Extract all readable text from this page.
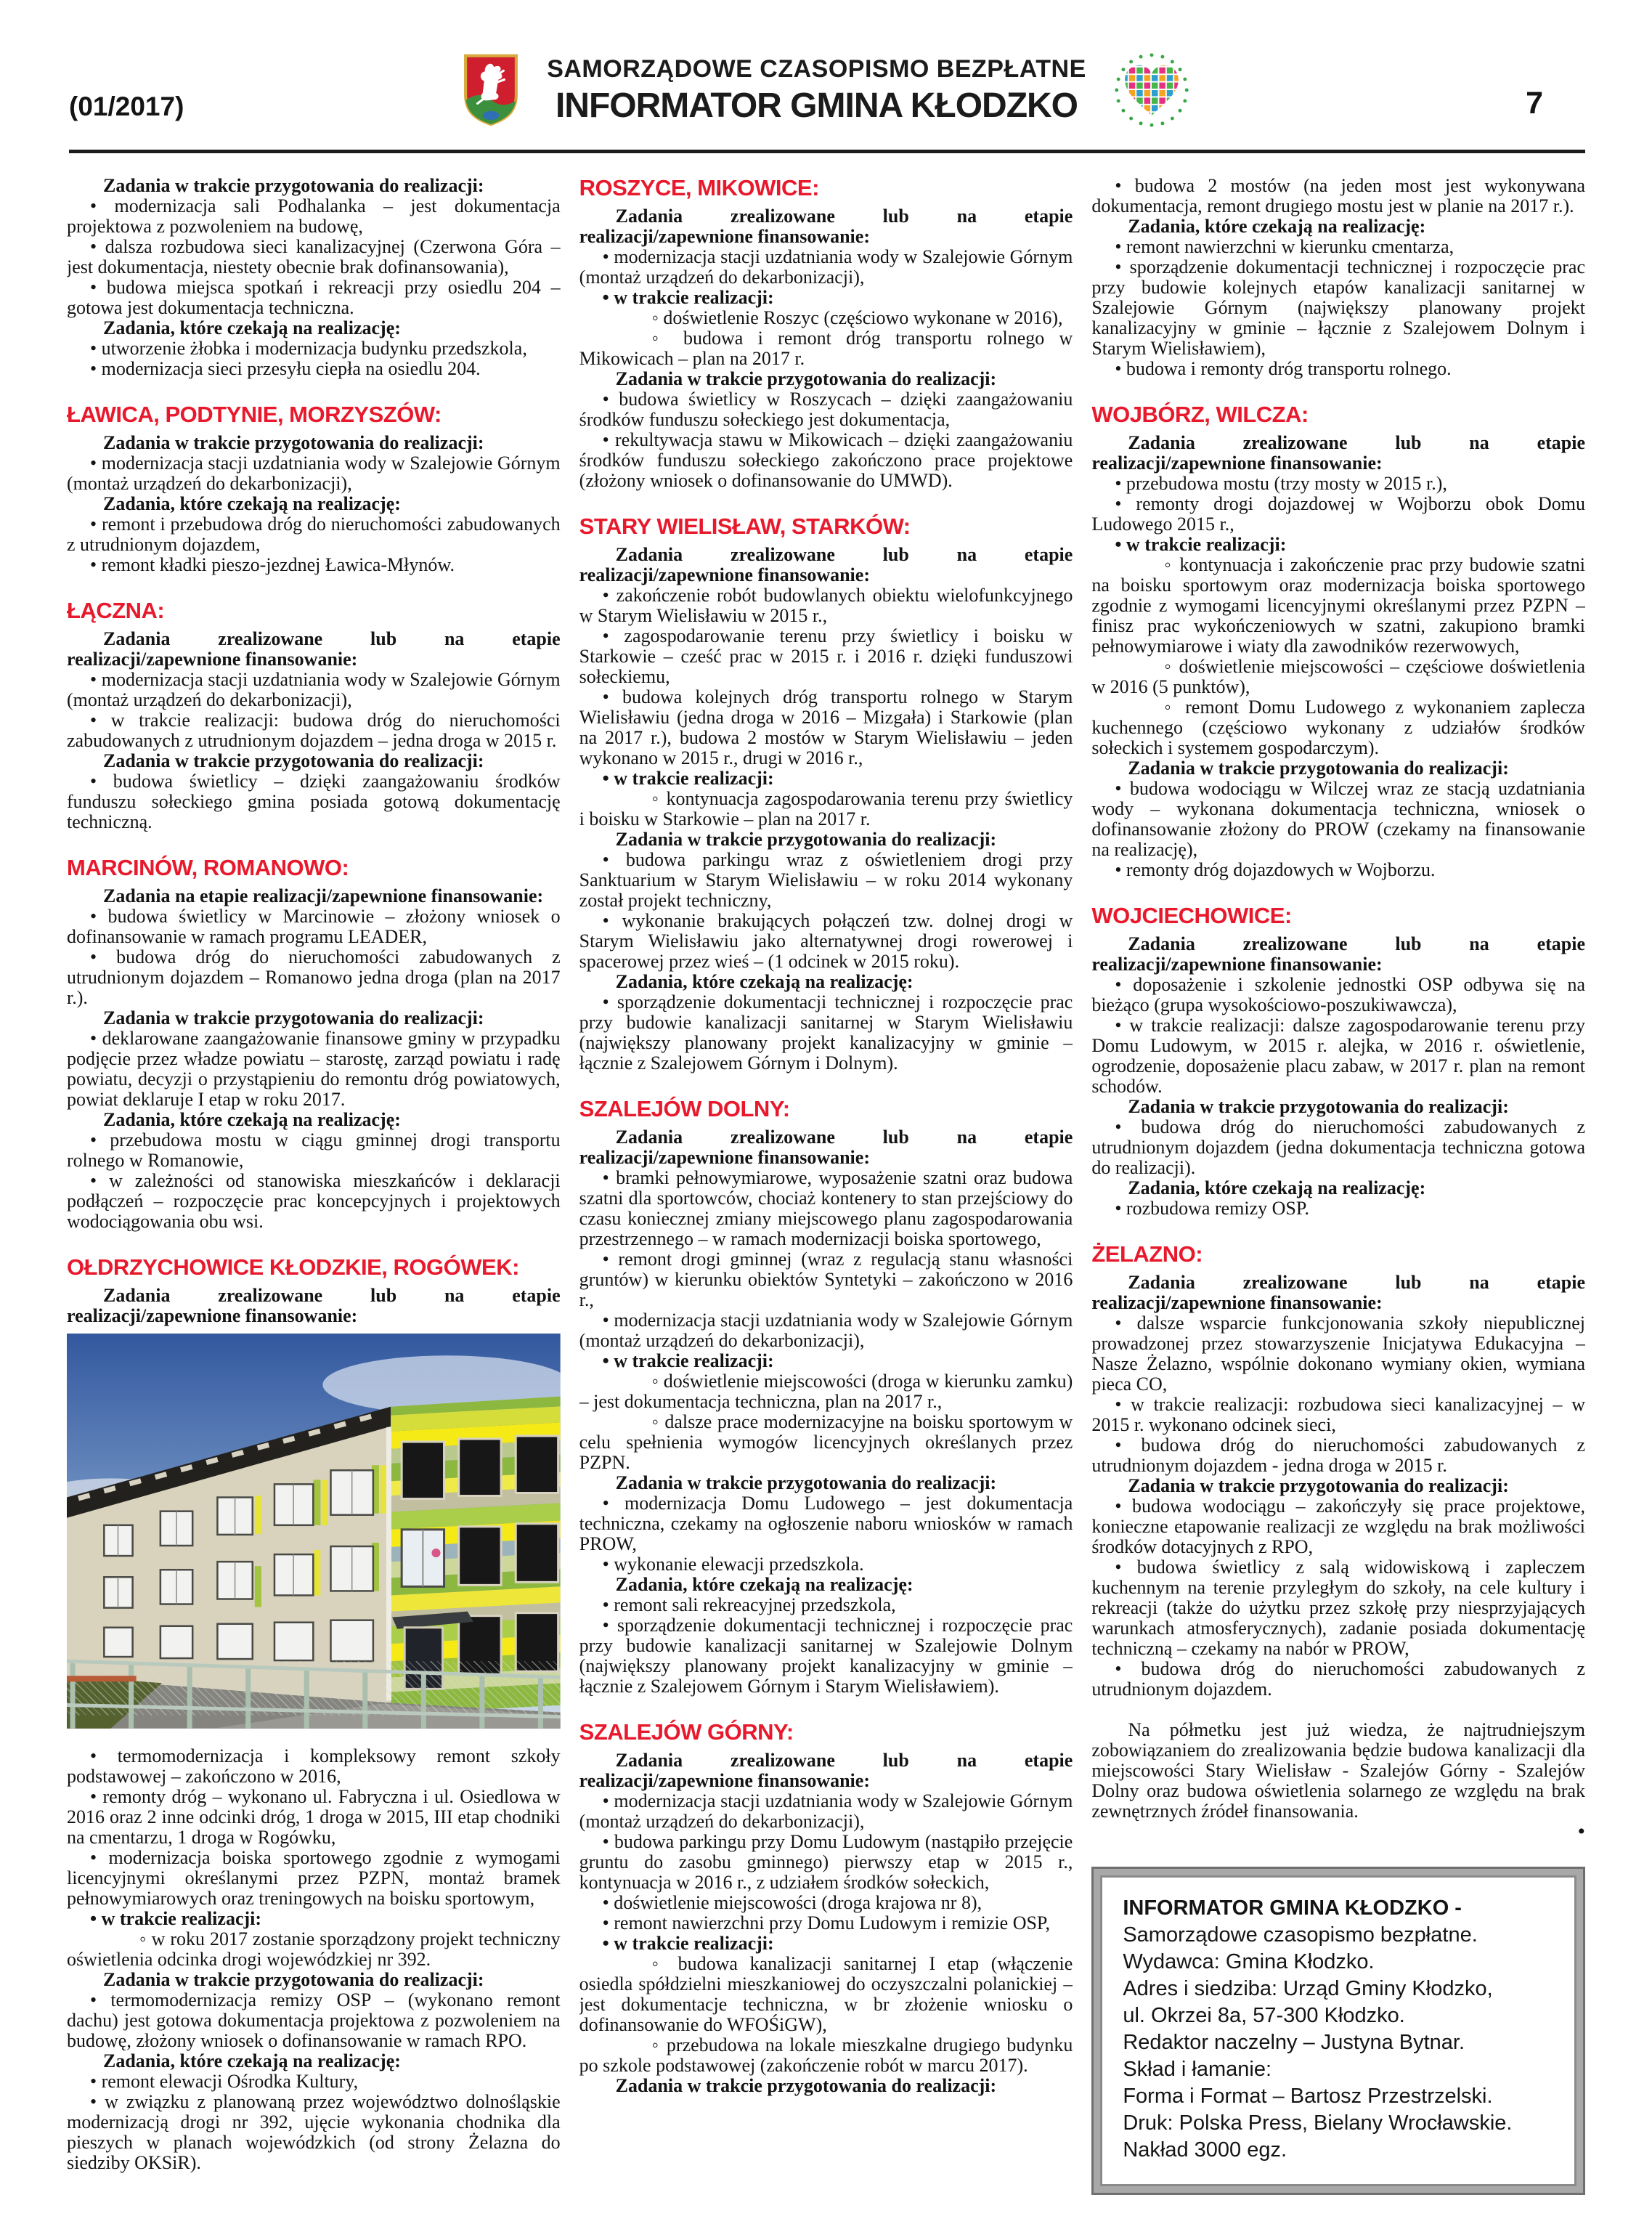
(01/2017)	7
SAMORZĄDOWE CZASOPISMO BEZPŁATNE
INFORMATOR GMINA KŁODZKO

Zadania w trakcie przygotowania do realizacji:

• modernizacja sali Podhalanka – jest dokumentacja projektowa z pozwoleniem na budowę,

• dalsza rozbudowa sieci kanalizacyjnej (Czerwona Góra – jest dokumentacja, niestety obecnie brak dofinansowania),

• budowa miejsca spotkań i rekreacji przy osiedlu 204 – gotowa jest dokumentacja techniczna.

Zadania, które czekają na realizację:

• utworzenie żłobka i modernizacja budynku przedszkola,

• modernizacja sieci przesyłu ciepła na osiedlu 204.

ŁAWICA, PODTYNIE, MORZYSZÓW:

Zadania w trakcie przygotowania do realizacji:

• modernizacja stacji uzdatniania wody w Szalejowie Górnym (montaż urządzeń do dekarbonizacji),

Zadania, które czekają na realizację:

• remont i przebudowa dróg do nieruchomości zabudowanych z utrudnionym dojazdem,

• remont kładki pieszo-jezdnej Ławica-Młynów.

ŁĄCZNA:

Zadania zrealizowane lub na etapie realizacji/zapewnione finansowanie:

• modernizacja stacji uzdatniania wody w Szalejowie Górnym (montaż urządzeń do dekarbonizacji),

• w trakcie realizacji: budowa dróg do nieruchomości zabudowanych z utrudnionym dojazdem – jedna droga w 2015 r.

Zadania w trakcie przygotowania do realizacji:

• budowa świetlicy – dzięki zaangażowaniu środków funduszu sołeckiego gmina posiada gotową dokumentację techniczną.

MARCINÓW, ROMANOWO:

Zadania na etapie realizacji/zapewnione finansowanie:

• budowa świetlicy w Marcinowie – złożony wniosek o dofinansowanie w ramach programu LEADER,

• budowa dróg do nieruchomości zabudowanych z utrudnionym dojazdem – Romanowo jedna droga (plan na 2017 r.).

Zadania w trakcie przygotowania do realizacji:

• deklarowane zaangażowanie finansowe gminy w przypadku podjęcie przez władze powiatu – starostę, zarząd powiatu i radę powiatu, decyzji o przystąpieniu do remontu dróg powiatowych, powiat deklaruje I etap w roku 2017.

Zadania, które czekają na realizację:

• przebudowa mostu w ciągu gminnej drogi transportu rolnego w Romanowie,

• w zależności od stanowiska mieszkańców i deklaracji podłączeń – rozpoczęcie prac koncepcyjnych i projektowych wodociągowania obu wsi.

OŁDRZYCHOWICE KŁODZKIE, ROGÓWEK:

Zadania zrealizowane lub na etapie realizacji/zapewnione finansowanie:

• termomodernizacja i kompleksowy remont szkoły podstawowej – zakończono w 2016,

• remonty dróg – wykonano ul. Fabryczna i ul. Osiedlowa w 2016 oraz 2 inne odcinki dróg, 1 droga w 2015, III etap chodniki na cmentarzu, 1 droga w Rogówku,

• modernizacja boiska sportowego zgodnie z wymogami licencyjnymi określanymi przez PZPN, montaż bramek pełnowymiarowych oraz treningowych na boisku sportowym,

• w trakcie realizacji:

◦ w roku 2017 zostanie sporządzony projekt techniczny oświetlenia odcinka drogi wojewódzkiej nr 392.

Zadania w trakcie przygotowania do realizacji:

• termomodernizacja remizy OSP – (wykonano remont dachu) jest gotowa dokumentacja projektowa z pozwoleniem na budowę, złożony wniosek o dofinansowanie w ramach RPO.

Zadania, które czekają na realizację:

• remont elewacji Ośrodka Kultury,

• w związku z planowaną przez województwo dolnośląskie modernizacją drogi nr 392, ujęcie wykonania chodnika dla pieszych w planach wojewódzkich (od strony Żelazna do siedziby OKSiR).

ROSZYCE, MIKOWICE:

Zadania zrealizowane lub na etapie realizacji/zapewnione finansowanie:

• modernizacja stacji uzdatniania wody w Szalejowie Górnym (montaż urządzeń do dekarbonizacji),

• w trakcie realizacji:

◦ doświetlenie Roszyc (częściowo wykonane w 2016),

◦ budowa i remont dróg transportu rolnego w Mikowicach – plan na 2017 r.

Zadania w trakcie przygotowania do realizacji:

• budowa świetlicy w Roszycach – dzięki zaangażowaniu środków funduszu sołeckiego jest dokumentacja,

• rekultywacja stawu w Mikowicach – dzięki zaangażowaniu środków funduszu sołeckiego zakończono prace projektowe (złożony wniosek o dofinansowanie do UMWD).

STARY WIELISŁAW, STARKÓW:

Zadania zrealizowane lub na etapie realizacji/zapewnione finansowanie:

• zakończenie robót budowlanych obiektu wielofunkcyjnego w Starym Wielisławiu w 2015 r.,

• zagospodarowanie terenu przy świetlicy i boisku w Starkowie – cześć prac w 2015 r. i 2016 r. dzięki funduszowi sołeckiemu,

• budowa kolejnych dróg transportu rolnego w Starym Wielisławiu (jedna droga w 2016 – Mizgała) i Starkowie (plan na 2017 r.), budowa 2 mostów w Starym Wielisławiu – jeden wykonano w 2015 r., drugi w 2016 r.,

• w trakcie realizacji:

◦ kontynuacja zagospodarowania terenu przy świetlicy i boisku w Starkowie – plan na 2017 r.

Zadania w trakcie przygotowania do realizacji:

• budowa parkingu wraz z oświetleniem drogi przy Sanktuarium w Starym Wielisławiu – w roku 2014 wykonany został projekt techniczny,

• wykonanie brakujących połączeń tzw. dolnej drogi w Starym Wielisławiu jako alternatywnej drogi rowerowej i spacerowej przez wieś – (1 odcinek w 2015 roku).

Zadania, które czekają na realizację:

• sporządzenie dokumentacji technicznej i rozpoczęcie prac przy budowie kanalizacji sanitarnej w Starym Wielisławiu (największy planowany projekt kanalizacyjny w gminie – łącznie z Szalejowem Górnym i Dolnym).

SZALEJÓW DOLNY:

Zadania zrealizowane lub na etapie realizacji/zapewnione finansowanie:

• bramki pełnowymiarowe, wyposażenie szatni oraz budowa szatni dla sportowców, chociaż kontenery to stan przejściowy do czasu koniecznej zmiany miejscowego planu zagospodarowania przestrzennego – w ramach modernizacji boiska sportowego,

• remont drogi gminnej (wraz z regulacją stanu własności gruntów) w kierunku obiektów Syntetyki – zakończono w 2016 r.,

• modernizacja stacji uzdatniania wody w Szalejowie Górnym (montaż urządzeń do dekarbonizacji),

• w trakcie realizacji:

◦ doświetlenie miejscowości (droga w kierunku zamku) – jest dokumentacja techniczna, plan na 2017 r.,

◦ dalsze prace modernizacyjne na boisku sportowym w celu spełnienia wymogów licencyjnych określanych przez PZPN.

Zadania w trakcie przygotowania do realizacji:

• modernizacja Domu Ludowego – jest dokumentacja techniczna, czekamy na ogłoszenie naboru wniosków w ramach PROW,

• wykonanie elewacji przedszkola.

Zadania, które czekają na realizację:

• remont sali rekreacyjnej przedszkola,

• sporządzenie dokumentacji technicznej i rozpoczęcie prac przy budowie kanalizacji sanitarnej w Szalejowie Dolnym (największy planowany projekt kanalizacyjny w gminie – łącznie z Szalejowem Górnym i Starym Wielisławiem).

SZALEJÓW GÓRNY:

Zadania zrealizowane lub na etapie realizacji/zapewnione finansowanie:

• modernizacja stacji uzdatniania wody w Szalejowie Górnym (montaż urządzeń do dekarbonizacji),

• budowa parkingu przy Domu Ludowym (nastąpiło przejęcie gruntu do zasobu gminnego) pierwszy etap w 2015 r., kontynuacja w 2016 r., z udziałem środków sołeckich,

• doświetlenie miejscowości (droga krajowa nr 8),

• remont nawierzchni przy Domu Ludowym i remizie OSP,

• w trakcie realizacji:

◦ budowa kanalizacji sanitarnej I etap (włączenie osiedla spółdzielni mieszkaniowej do oczyszczalni polanickiej – jest dokumentacje techniczna, w br złożenie wniosku o dofinansowanie do WFOŚiGW),

◦ przebudowa na lokale mieszkalne drugiego budynku po szkole podstawowej (zakończenie robót w marcu 2017).

Zadania w trakcie przygotowania do realizacji:

• budowa 2 mostów (na jeden most jest wykonywana dokumentacja, remont drugiego mostu jest w planie na 2017 r.).

Zadania, które czekają na realizację:

• remont nawierzchni w kierunku cmentarza,

• sporządzenie dokumentacji technicznej i rozpoczęcie prac przy budowie kolejnych etapów kanalizacji sanitarnej w Szalejowie Górnym (największy planowany projekt kanalizacyjny w gminie – łącznie z Szalejowem Dolnym i Starym Wielisławiem),

• budowa i remonty dróg transportu rolnego.

WOJBÓRZ, WILCZA:

Zadania zrealizowane lub na etapie realizacji/zapewnione finansowanie:

• przebudowa mostu (trzy mosty w 2015 r.),

• remonty drogi dojazdowej w Wojborzu obok Domu Ludowego 2015 r.,

• w trakcie realizacji:

◦ kontynuacja i zakończenie prac przy budowie szatni na boisku sportowym oraz modernizacja boiska sportowego zgodnie z wymogami licencyjnymi określanymi przez PZPN – finisz prac wykończeniowych w szatni, zakupiono bramki pełnowymiarowe i wiaty dla zawodników rezerwowych,

◦ doświetlenie miejscowości – częściowe doświetlenia w 2016 (5 punktów),

◦ remont Domu Ludowego z wykonaniem zaplecza kuchennego (częściowo wykonany z udziałów środków sołeckich i systemem gospodarczym).

Zadania w trakcie przygotowania do realizacji:

• budowa wodociągu w Wilczej wraz ze stacją uzdatniania wody – wykonana dokumentacja techniczna, wniosek o dofinansowanie złożony do PROW (czekamy na finansowanie na realizację),

• remonty dróg dojazdowych w Wojborzu.

WOJCIECHOWICE:

Zadania zrealizowane lub na etapie realizacji/zapewnione finansowanie:

• doposażenie i szkolenie jednostki OSP odbywa się na bieżąco (grupa wysokościowo-poszukiwawcza),

• w trakcie realizacji: dalsze zagospodarowanie terenu przy Domu Ludowym, w 2015 r. alejka, w 2016 r. oświetlenie, ogrodzenie, doposażenie placu zabaw, w 2017 r. plan na remont schodów.

Zadania w trakcie przygotowania do realizacji:

• budowa dróg do nieruchomości zabudowanych z utrudnionym dojazdem (jedna dokumentacja techniczna gotowa do realizacji).

Zadania, które czekają na realizację:

• rozbudowa remizy OSP.

ŻELAZNO:

Zadania zrealizowane lub na etapie realizacji/zapewnione finansowanie:

• dalsze wsparcie funkcjonowania szkoły niepublicznej prowadzonej przez stowarzyszenie Inicjatywa Edukacyjna – Nasze Żelazno, wspólnie dokonano wymiany okien, wymiana pieca CO,

• w trakcie realizacji: rozbudowa sieci kanalizacyjnej – w 2015 r. wykonano odcinek sieci,

• budowa dróg do nieruchomości zabudowanych z utrudnionym dojazdem - jedna droga w 2015 r.

Zadania w trakcie przygotowania do realizacji:

• budowa wodociągu – zakończyły się prace projektowe, konieczne etapowanie realizacji ze względu na brak możliwości środków dotacyjnych z RPO,

• budowa świetlicy z salą widowiskową i zapleczem kuchennym na terenie przyległym do szkoły, na cele kultury i rekreacji (także do użytku przez szkołę przy niesprzyjających warunkach atmosferycznych), zadanie posiada dokumentację techniczną – czekamy na nabór w PROW,

• budowa dróg do nieruchomości zabudowanych z utrudnionym dojazdem.

Na półmetku jest już wiedza, że najtrudniejszym zobowiązaniem do zrealizowania będzie budowa kanalizacji dla miejscowości Stary Wielisław - Szalejów Górny - Szalejów Dolny oraz budowa oświetlenia solarnego ze względu na brak zewnętrznych źródeł finansowania.

•

INFORMATOR GMINA KŁODZKO -
Samorządowe czasopismo bezpłatne.
Wydawca: Gmina Kłodzko.
Adres i siedziba: Urząd Gminy Kłodzko,
ul. Okrzei 8a, 57-300 Kłodzko.
Redaktor naczelny – Justyna Bytnar.
Skład i łamanie:
Forma i Format – Bartosz Przestrzelski.
Druk: Polska Press, Bielany Wrocławskie.
Nakład 3000 egz.
